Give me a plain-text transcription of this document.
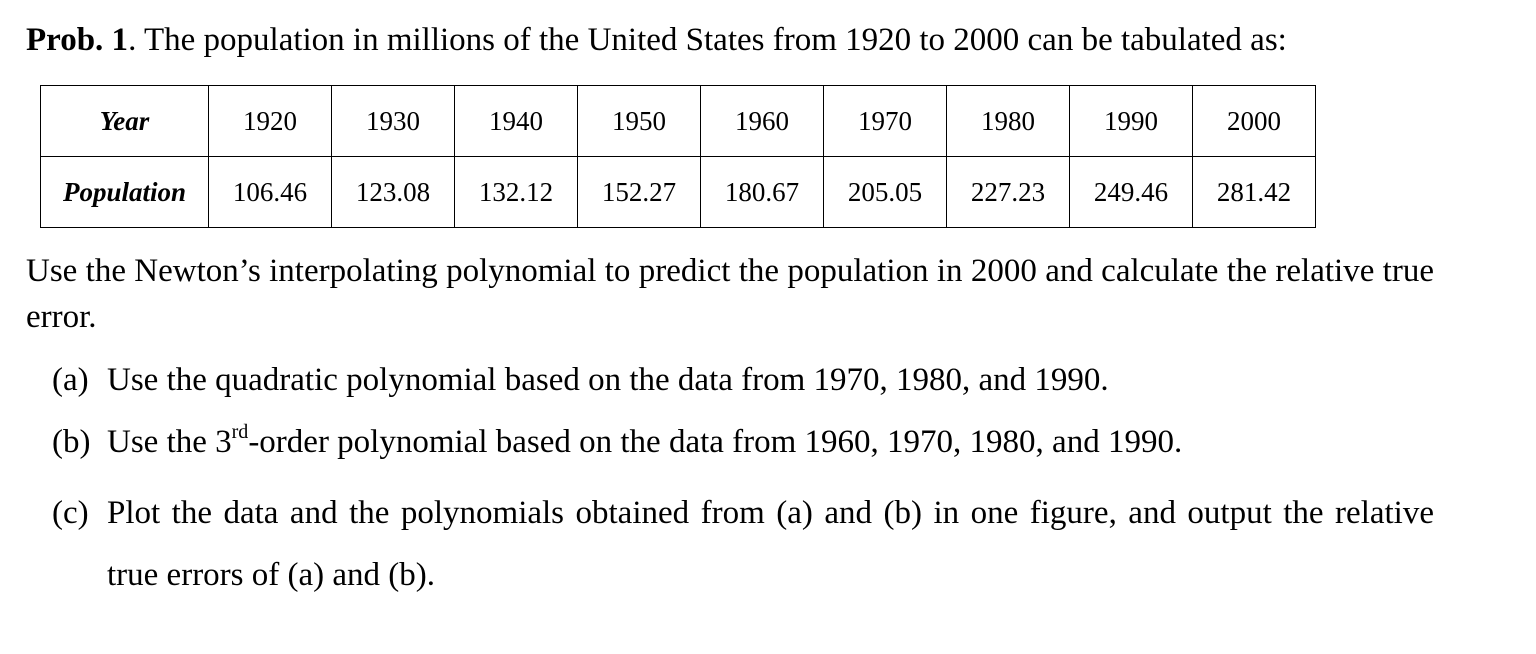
Prob. 1. The population in millions of the United States from 1920 to 2000 can be tabulated as:
Year	1920	1930	1940	1950	1960	1970	1980	1990	2000
Population	106.46	123.08	132.12	152.27	180.67	205.05	227.23	249.46	281.42
Use the Newton’s interpolating polynomial to predict the population in 2000 and calculate the relative true error.
(a) Use the quadratic polynomial based on the data from 1970, 1980, and 1990.
(b) Use the 3rd-order polynomial based on the data from 1960, 1970, 1980, and 1990.
(c) Plot the data and the polynomials obtained from (a) and (b) in one figure, and output the relative true errors of (a) and (b).
